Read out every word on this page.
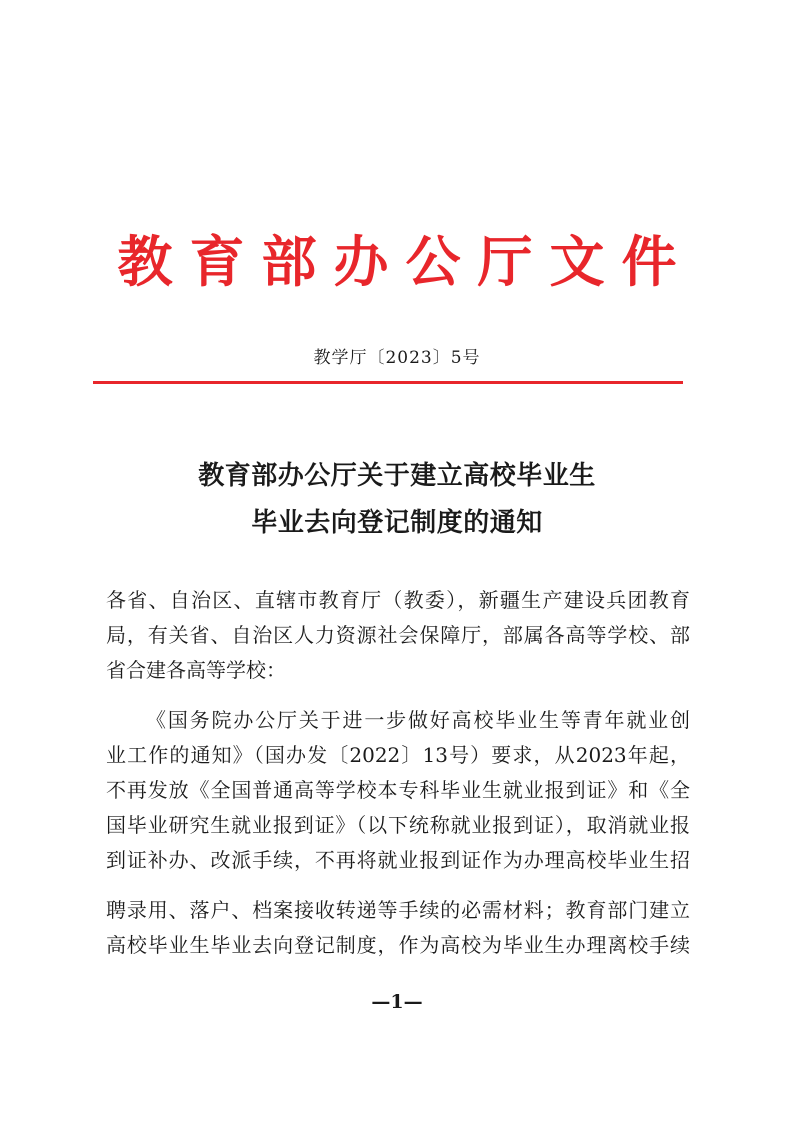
教育部办公厅文件
教学厅〔2023〕5号
教育部办公厅关于建立高校毕业生
毕业去向登记制度的通知
各省、自治区、直辖市教育厅（教委），新疆生产建设兵团教育
局，有关省、自治区人力资源社会保障厅，部属各高等学校、部
省合建各高等学校：
《国务院办公厅关于进一步做好高校毕业生等青年就业创
业工作的通知》（国办发〔2022〕13号）要求，从2023年起，
不再发放《全国普通高等学校本专科毕业生就业报到证》和《全
国毕业研究生就业报到证》（以下统称就业报到证），取消就业报
到证补办、改派手续，不再将就业报到证作为办理高校毕业生招
聘录用、落户、档案接收转递等手续的必需材料；教育部门建立
高校毕业生毕业去向登记制度，作为高校为毕业生办理离校手续
—1—
